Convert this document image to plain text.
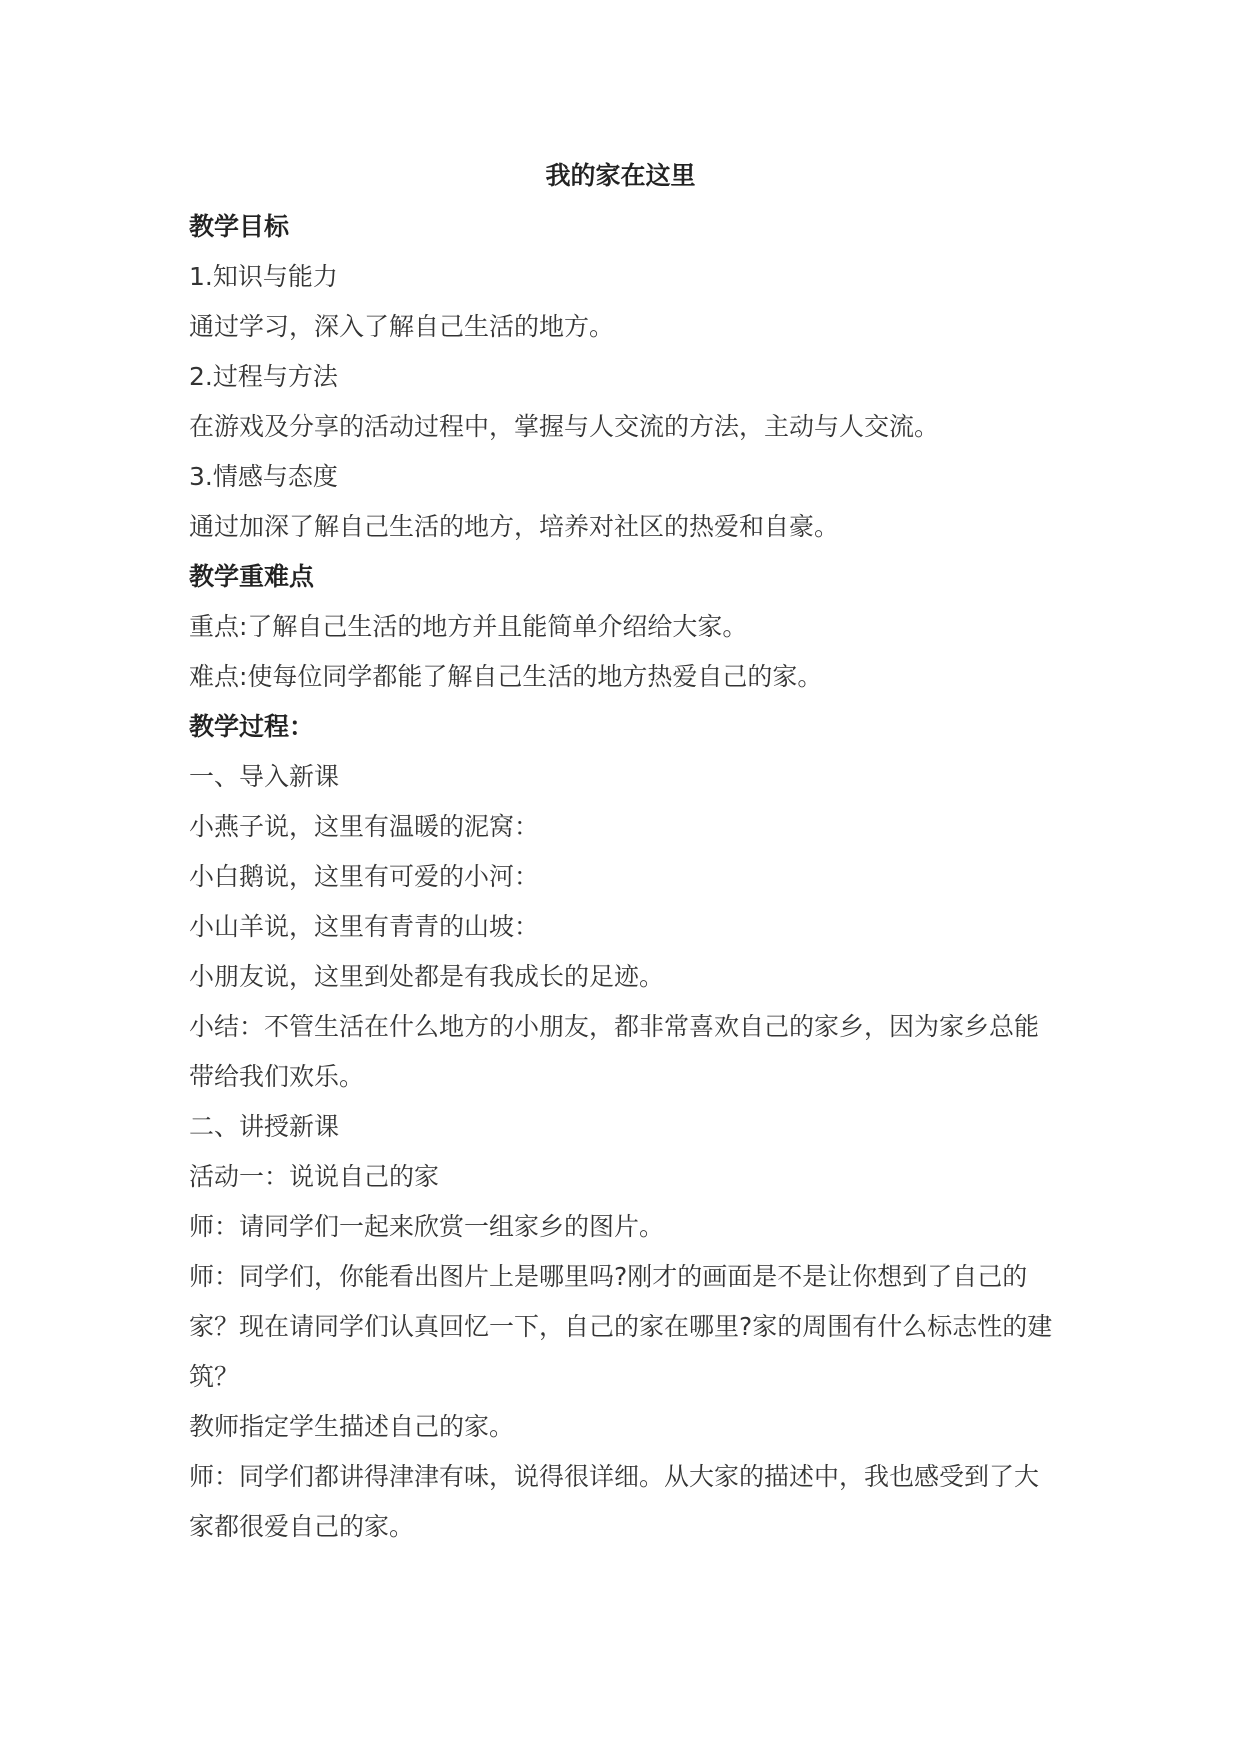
我的家在这里

教学目标

1.知识与能力

通过学习，深入了解自己生活的地方。

2.过程与方法

在游戏及分享的活动过程中，掌握与人交流的方法，主动与人交流。

3.情感与态度

通过加深了解自己生活的地方，培养对社区的热爱和自豪。

教学重难点

重点:了解自己生活的地方并且能简单介绍给大家。

难点:使每位同学都能了解自己生活的地方热爱自己的家。

教学过程：

一、导入新课

小燕子说，这里有温暖的泥窝：

小白鹅说，这里有可爱的小河：

小山羊说，这里有青青的山坡：

小朋友说，这里到处都是有我成长的足迹。

小结：不管生活在什么地方的小朋友，都非常喜欢自己的家乡，因为家乡总能带给我们欢乐。

二、讲授新课

活动一：说说自己的家

师：请同学们一起来欣赏一组家乡的图片。

师：同学们，你能看出图片上是哪里吗?刚才的画面是不是让你想到了自己的家？现在请同学们认真回忆一下，自己的家在哪里?家的周围有什么标志性的建筑？

教师指定学生描述自己的家。

师：同学们都讲得津津有味，说得很详细。从大家的描述中，我也感受到了大家都很爱自己的家。
